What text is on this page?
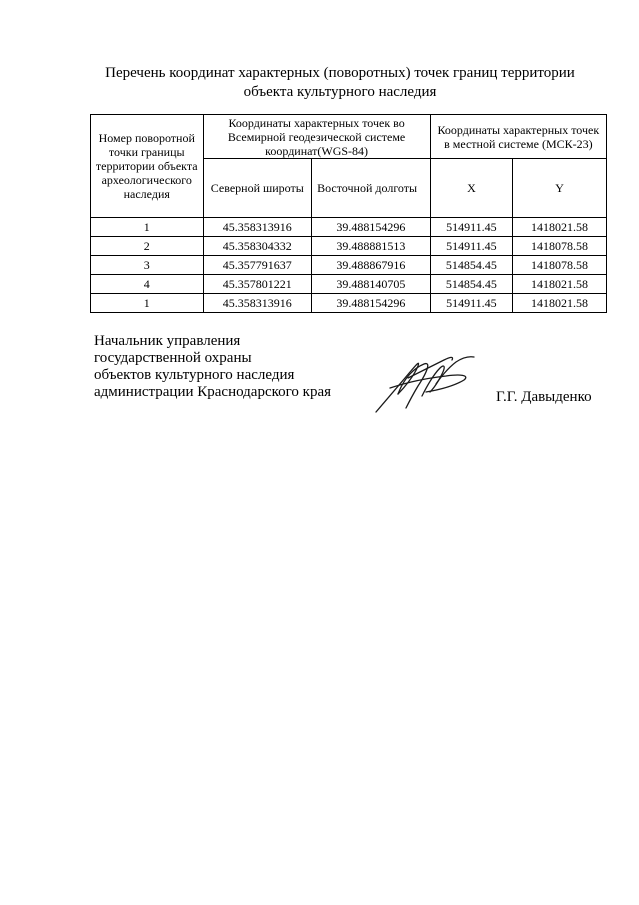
Перечень координат характерных (поворотных) точек границ территории
объекта культурного наследия
Номер поворотной точки границы территории объекта археологического наследия	Координаты характерных точек во Всемирной геодезической системе координат(WGS-84)		Координаты характерных точек в местной системе (МСК-23)	
	Северной широты	Восточной долготы	X	Y
1	45.358313916	39.488154296	514911.45	1418021.58
2	45.358304332	39.488881513	514911.45	1418078.58
3	45.357791637	39.488867916	514854.45	1418078.58
4	45.357801221	39.488140705	514854.45	1418021.58
1	45.358313916	39.488154296	514911.45	1418021.58
Начальник управления
государственной охраны
объектов культурного наследия
администрации Краснодарского края	Г.Г. Давыденко
